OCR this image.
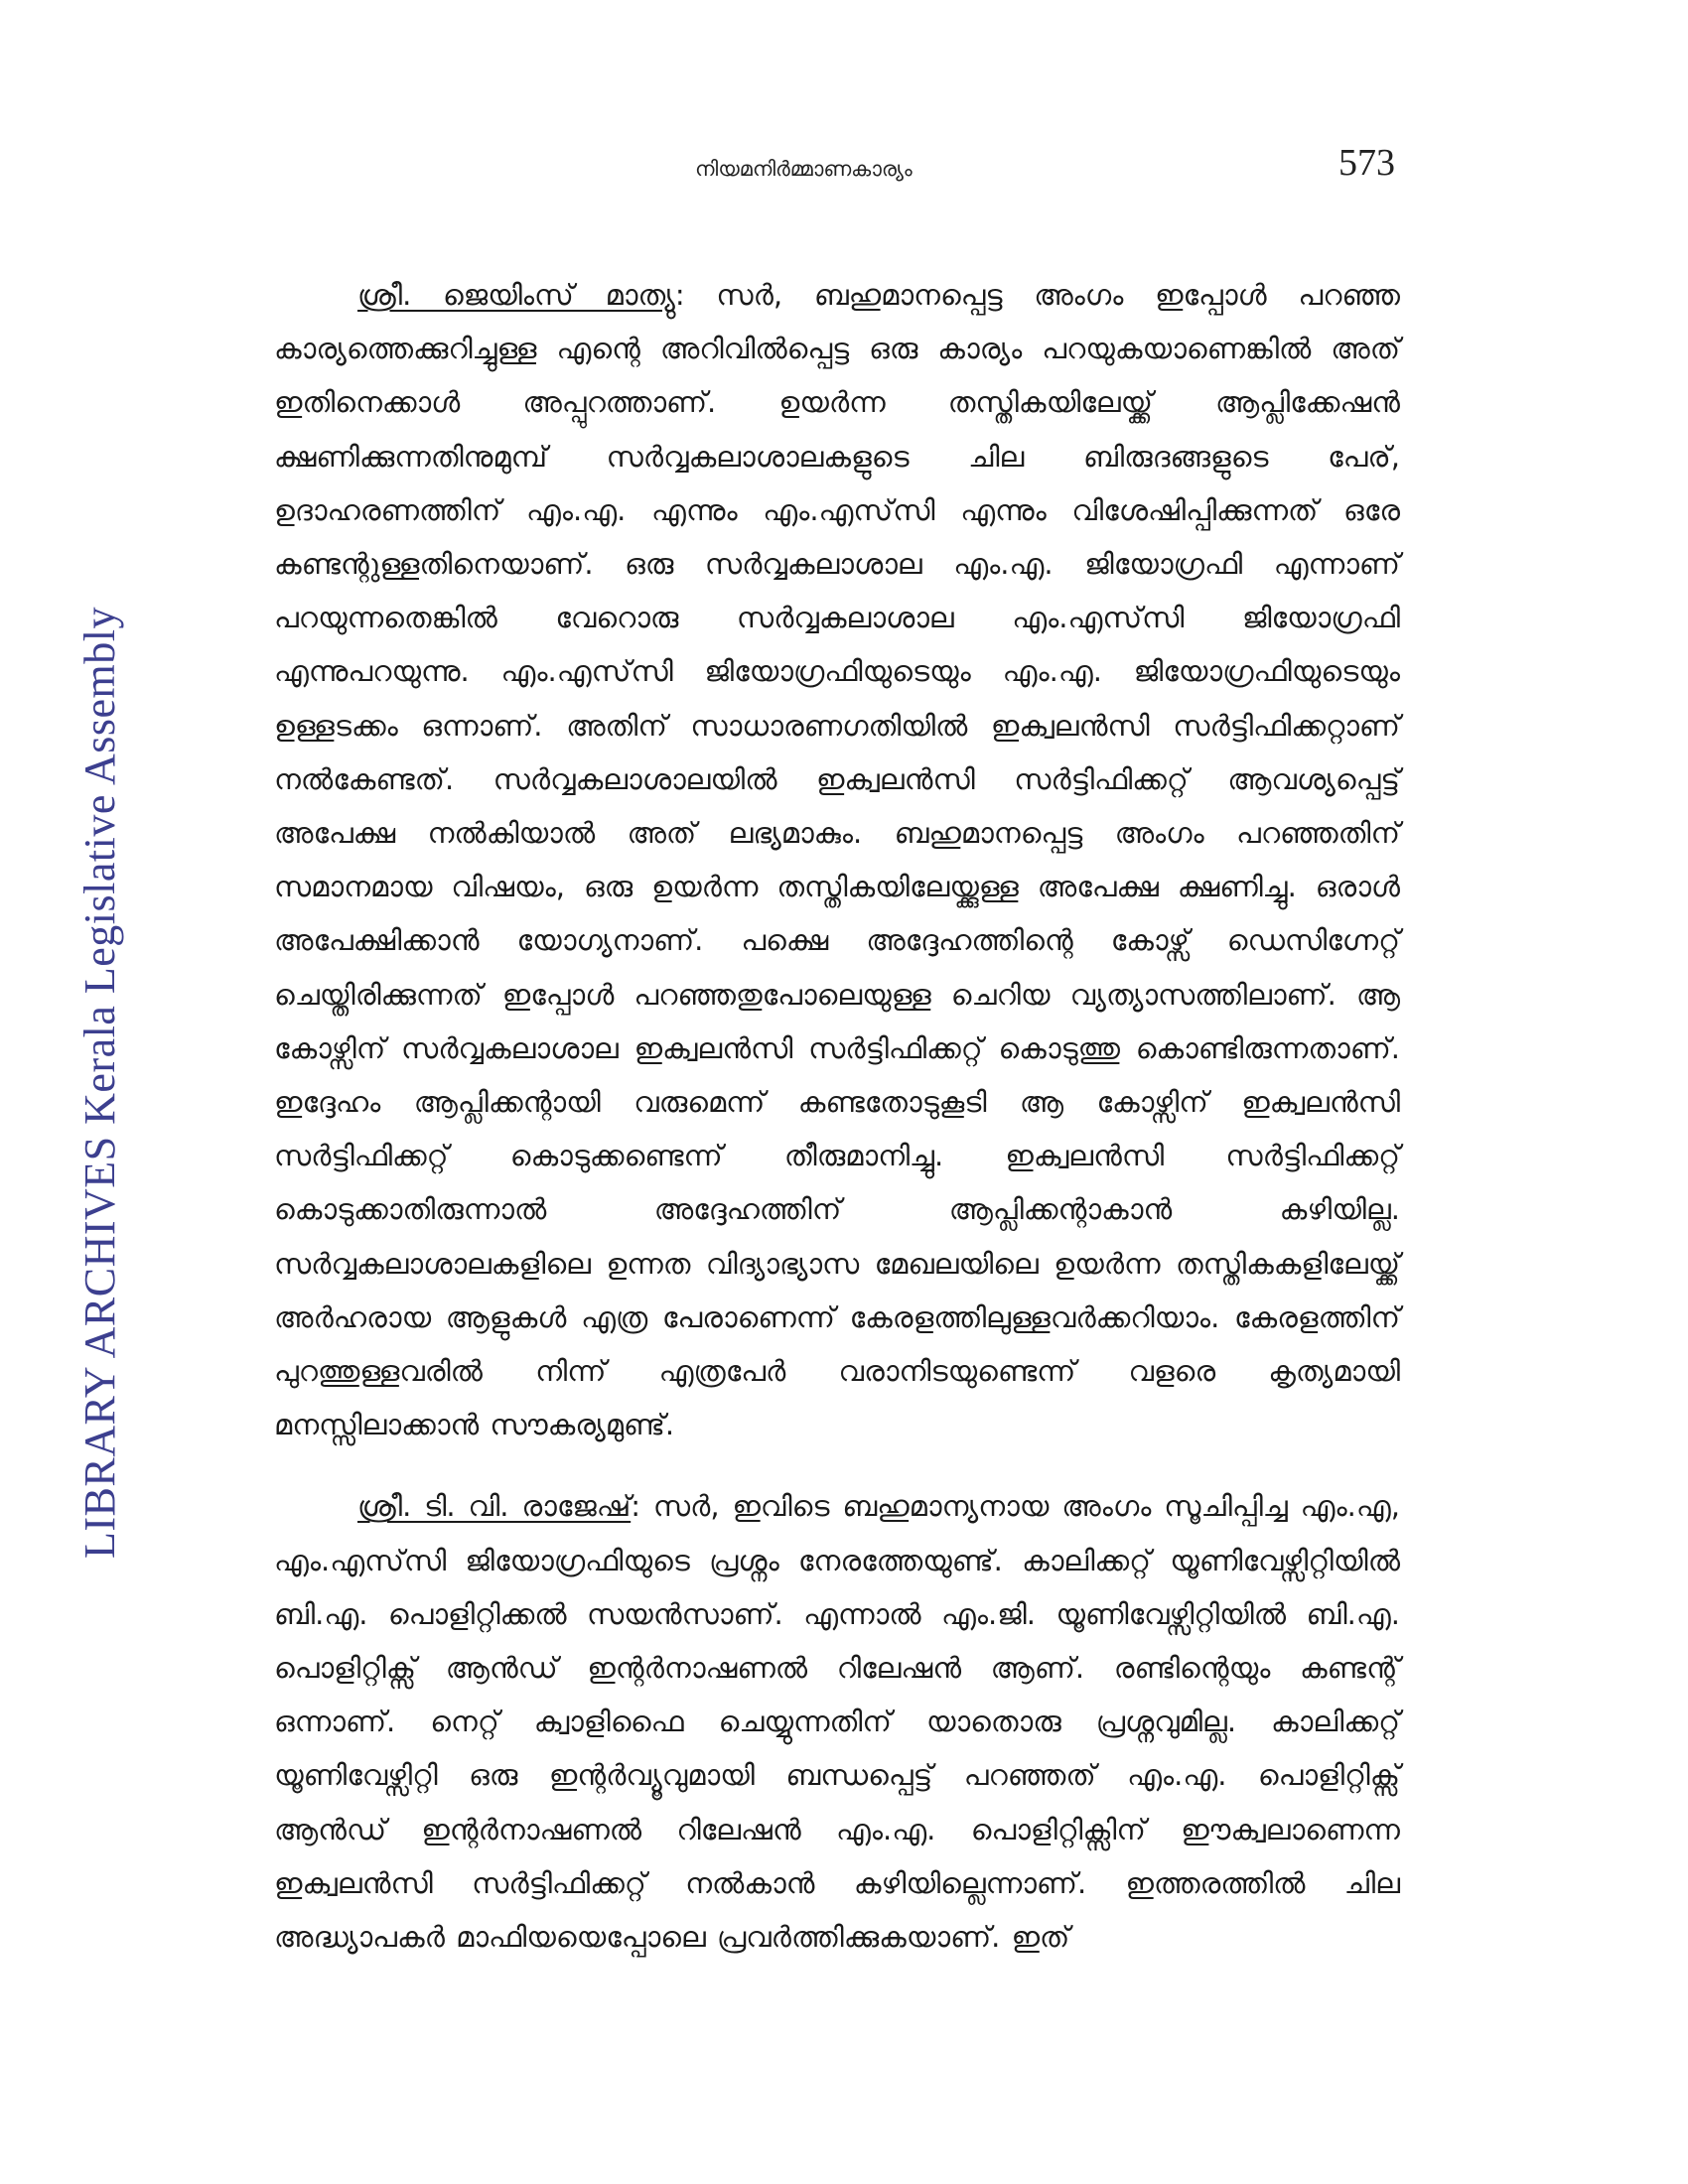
LIBRARY ARCHIVES Kerala Legislative Assembly
നിയമനിർമ്മാണകാര്യം	573

ശ്രീ. ജെയിംസ് മാത്യു: സർ, ബഹുമാനപ്പെട്ട അംഗം ഇപ്പോൾ പറഞ്ഞ കാര്യത്തെക്കുറിച്ചുള്ള എന്റെ അറിവിൽപ്പെട്ട ഒരു കാര്യം പറയുകയാണെങ്കിൽ അത് ഇതിനെക്കാൾ അപ്പുറത്താണ്. ഉയർന്ന തസ്തികയിലേയ്ക്ക് ആപ്ലിക്കേഷൻ ക്ഷണിക്കുന്നതിനുമുമ്പ് സർവ്വകലാശാലകളുടെ ചില ബിരുദങ്ങളുടെ പേര്, ഉദാഹരണത്തിന് എം.എ. എന്നും എം.എസ്‌സി എന്നും വിശേഷിപ്പിക്കുന്നത് ഒരേ കണ്ടന്റുള്ളതിനെയാണ്. ഒരു സർവ്വകലാശാല എം.എ. ജിയോഗ്രഫി എന്നാണ് പറയുന്നതെങ്കിൽ വേറൊരു സർവ്വകലാശാല എം.എസ്‌സി ജിയോഗ്രഫി എന്നുപറയുന്നു. എം.എസ്‌സി ജിയോഗ്രഫിയുടെയും എം.എ. ജിയോഗ്രഫിയുടെയും ഉള്ളടക്കം ഒന്നാണ്. അതിന് സാധാരണഗതിയിൽ ഇക്വലൻസി സർട്ടിഫിക്കറ്റാണ് നൽകേണ്ടത്. സർവ്വകലാശാലയിൽ ഇക്വലൻസി സർട്ടിഫിക്കറ്റ് ആവശ്യപ്പെട്ട് അപേക്ഷ നൽകിയാൽ അത് ലഭ്യമാകും. ബഹുമാനപ്പെട്ട അംഗം പറഞ്ഞതിന് സമാനമായ വിഷയം, ഒരു ഉയർന്ന തസ്തികയിലേയ്ക്കുള്ള അപേക്ഷ ക്ഷണിച്ചു. ഒരാൾ അപേക്ഷിക്കാൻ യോഗ്യനാണ്. പക്ഷെ അദ്ദേഹത്തിന്റെ കോഴ്സ് ഡെസിഗ്നേറ്റ് ചെയ്തിരിക്കുന്നത് ഇപ്പോൾ പറഞ്ഞതുപോലെയുള്ള ചെറിയ വ്യത്യാസത്തിലാണ്. ആ കോഴ്സിന് സർവ്വകലാശാല ഇക്വലൻസി സർട്ടിഫിക്കറ്റ് കൊടുത്തു കൊണ്ടിരുന്നതാണ്. ഇദ്ദേഹം ആപ്ലിക്കന്റായി വരുമെന്ന് കണ്ടതോടുകൂടി ആ കോഴ്സിന് ഇക്വലൻസി സർട്ടിഫിക്കറ്റ് കൊടുക്കണ്ടെന്ന് തീരുമാനിച്ചു. ഇക്വലൻസി സർട്ടിഫിക്കറ്റ് കൊടുക്കാതിരുന്നാൽ അദ്ദേഹത്തിന് ആപ്ലിക്കന്റാകാൻ കഴിയില്ല. സർവ്വകലാശാലകളിലെ ഉന്നത വിദ്യാഭ്യാസ മേഖലയിലെ ഉയർന്ന തസ്തികകളിലേയ്ക്ക് അർഹരായ ആളുകൾ എത്ര പേരാണെന്ന് കേരളത്തിലുള്ളവർക്കറിയാം. കേരളത്തിന് പുറത്തുള്ളവരിൽ നിന്ന് എത്രപേർ വരാനിടയുണ്ടെന്ന് വളരെ കൃത്യമായി മനസ്സിലാക്കാൻ സൗകര്യമുണ്ട്.

ശ്രീ. ടി. വി. രാജേഷ്: സർ, ഇവിടെ ബഹുമാന്യനായ അംഗം സൂചിപ്പിച്ച എം.എ, എം.എസ്‌സി ജിയോഗ്രഫിയുടെ പ്രശ്നം നേരത്തേയുണ്ട്. കാലിക്കറ്റ് യൂണിവേഴ്സിറ്റിയിൽ ബി.എ. പൊളിറ്റിക്കൽ സയൻസാണ്. എന്നാൽ എം.ജി. യൂണിവേഴ്സിറ്റിയിൽ ബി.എ. പൊളിറ്റിക്സ് ആൻഡ് ഇന്റർനാഷണൽ റിലേഷൻ ആണ്. രണ്ടിന്റെയും കണ്ടന്റ് ഒന്നാണ്. നെറ്റ് ക്വാളിഫൈ ചെയ്യുന്നതിന് യാതൊരു പ്രശ്നവുമില്ല. കാലിക്കറ്റ് യൂണിവേഴ്സിറ്റി ഒരു ഇന്റർവ്യൂവുമായി ബന്ധപ്പെട്ട് പറഞ്ഞത് എം.എ. പൊളിറ്റിക്സ് ആൻഡ് ഇന്റർനാഷണൽ റിലേഷൻ എം.എ. പൊളിറ്റിക്സിന് ഈക്വലാണെന്ന ഇക്വലൻസി സർട്ടിഫിക്കറ്റ് നൽകാൻ കഴിയില്ലെന്നാണ്. ഇത്തരത്തിൽ ചില അദ്ധ്യാപകർ മാഫിയയെപ്പോലെ പ്രവർത്തിക്കുകയാണ്. ഇത്
